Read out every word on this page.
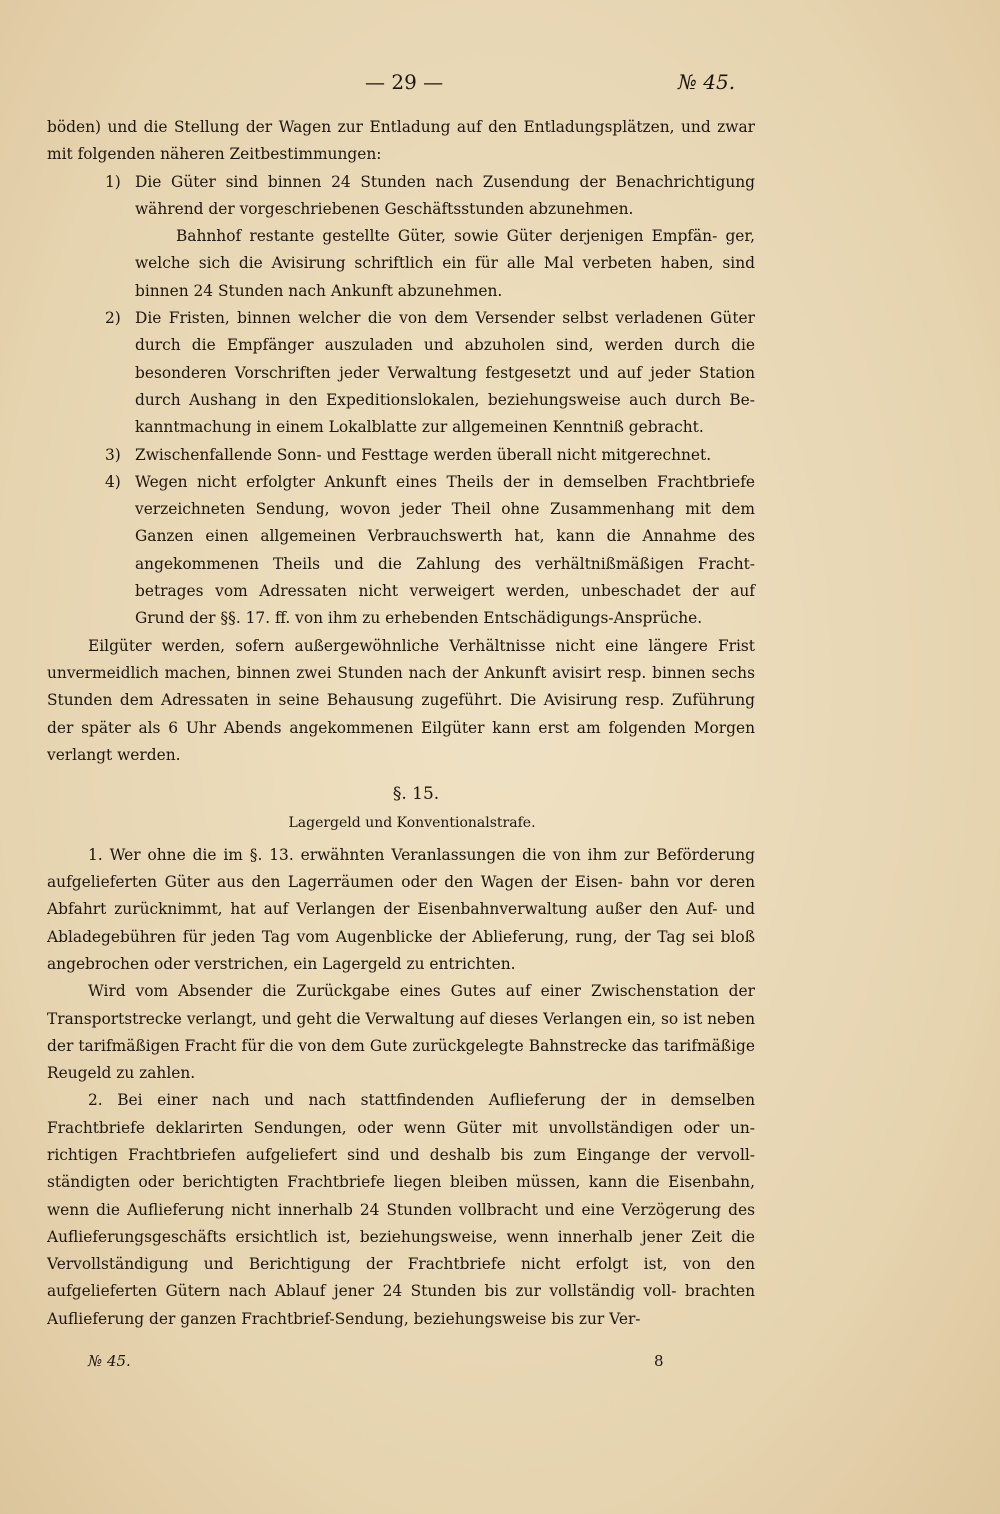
— 29 —	№ 45.

böden) und die Stellung der Wagen zur Entladung auf den Entladungsplätzen, und zwar mit folgenden näheren Zeitbestimmungen:

1) Die Güter sind binnen 24 Stunden nach Zusendung der Benachrichtigung während der vorgeschriebenen Geschäftsstunden abzunehmen.

Bahnhof restante gestellte Güter, sowie Güter derjenigen Empfän- ger, welche sich die Avisirung schriftlich ein für alle Mal verbeten haben, sind binnen 24 Stunden nach Ankunft abzunehmen.

2) Die Fristen, binnen welcher die von dem Versender selbst verladenen Güter durch die Empfänger auszuladen und abzuholen sind, werden durch die besonderen Vorschriften jeder Verwaltung festgesetzt und auf jeder Station durch Aushang in den Expeditionslokalen, beziehungsweise auch durch Be- kanntmachung in einem Lokalblatte zur allgemeinen Kenntniß gebracht.
3) Zwischenfallende Sonn- und Festtage werden überall nicht mitgerechnet.
4) Wegen nicht erfolgter Ankunft eines Theils der in demselben Frachtbriefe verzeichneten Sendung, wovon jeder Theil ohne Zusammenhang mit dem Ganzen einen allgemeinen Verbrauchswerth hat, kann die Annahme des angekommenen Theils und die Zahlung des verhältnißmäßigen Fracht- betrages vom Adressaten nicht verweigert werden, unbeschadet der auf Grund der §§. 17. ff. von ihm zu erhebenden Entschädigungs-Ansprüche.

Eilgüter werden, sofern außergewöhnliche Verhältnisse nicht eine längere Frist unvermeidlich machen, binnen zwei Stunden nach der Ankunft avisirt resp. binnen sechs Stunden dem Adressaten in seine Behausung zugeführt. Die Avisirung resp. Zuführung der später als 6 Uhr Abends angekommenen Eilgüter kann erst am folgenden Morgen verlangt werden.

§. 15.

Lagergeld und Konventionalstrafe.

1. Wer ohne die im §. 13. erwähnten Veranlassungen die von ihm zur Beförderung aufgelieferten Güter aus den Lagerräumen oder den Wagen der Eisen- bahn vor deren Abfahrt zurücknimmt, hat auf Verlangen der Eisenbahnverwaltung außer den Auf- und Abladegebühren für jeden Tag vom Augenblicke der Ablieferung, rung, der Tag sei bloß angebrochen oder verstrichen, ein Lagergeld zu entrichten.

Wird vom Absender die Zurückgabe eines Gutes auf einer Zwischenstation der Transportstrecke verlangt, und geht die Verwaltung auf dieses Verlangen ein, so ist neben der tarifmäßigen Fracht für die von dem Gute zurückgelegte Bahnstrecke das tarifmäßige Reugeld zu zahlen.

2. Bei einer nach und nach stattfindenden Auflieferung der in demselben Frachtbriefe deklarirten Sendungen, oder wenn Güter mit unvollständigen oder un- richtigen Frachtbriefen aufgeliefert sind und deshalb bis zum Eingange der vervoll- ständigten oder berichtigten Frachtbriefe liegen bleiben müssen, kann die Eisenbahn, wenn die Auflieferung nicht innerhalb 24 Stunden vollbracht und eine Verzögerung des Auflieferungsgeschäfts ersichtlich ist, beziehungsweise, wenn innerhalb jener Zeit die Vervollständigung und Berichtigung der Frachtbriefe nicht erfolgt ist, von den aufgelieferten Gütern nach Ablauf jener 24 Stunden bis zur vollständig voll- brachten Auflieferung der ganzen Frachtbrief-Sendung, beziehungsweise bis zur Ver-

№ 45.	8
